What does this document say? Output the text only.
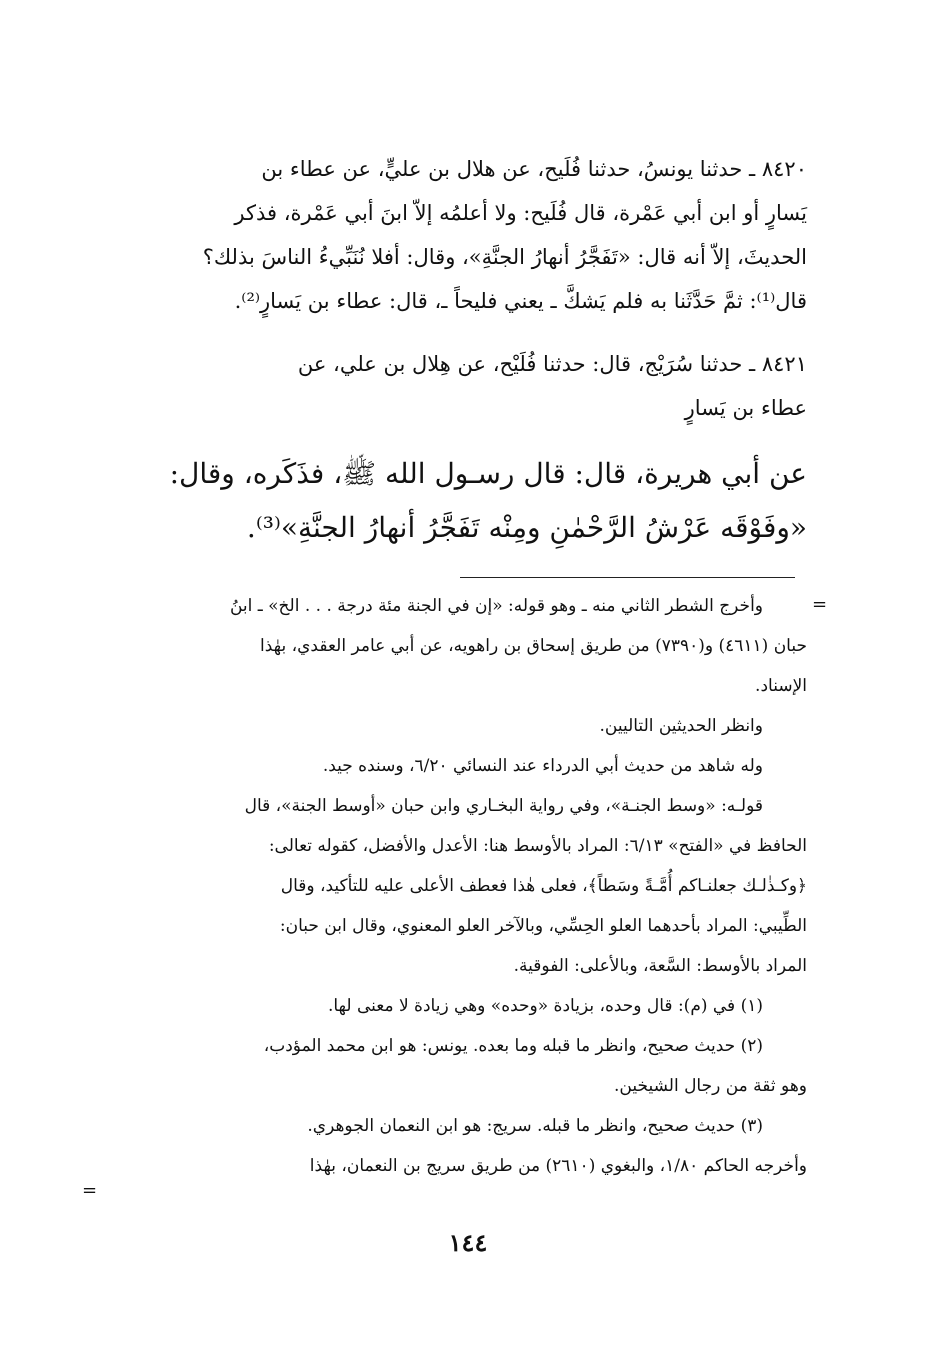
٨٤٢٠ ـ حدثنا يونسُ، حدثنا فُلَيح، عن هلال بن عليٍّ، عن عطاء بن

يَسارٍ أو ابن أبي عَمْرة، قال فُلَيح: ولا أعلمُه إلاّ ابنَ أبي عَمْرة، فذكر

الحديثَ، إلاّ أنه قال: «تَفَجَّرُ أنهارُ الجنَّةِ»، وقال: أفلا نُنَبِّيءُ الناسَ بذلك؟

قال⁽¹⁾: ثمَّ حَدَّثَنا به فلم يَشكَّ ـ يعني فليحاً ـ، قال: عطاء بن يَسارٍ⁽²⁾.

٨٤٢١ ـ حدثنا سُرَيْج، قال: حدثنا فُلَيْح، عن هِلال بن علي، عن

عطاء بن يَسارٍ

عن أبي هريرة، قال: قال رسـول الله ﷺ، فذَكَره، وقال:

«وفَوْقَه عَرْشُ الرَّحْمٰنِ ومِنْه تَفَجَّرُ أنهارُ الجنَّةِ»⁽³⁾.

=

وأخرج الشطر الثاني منه ـ وهو قوله: «إن في الجنة مئة درجة . . . الخ» ـ ابنُ

حبان (٤٦١١) و(٧٣٩٠) من طريق إسحاق بن راهويه، عن أبي عامر العقدي، بهٰذا

الإسناد.

وانظر الحديثين التاليين.

وله شاهد من حديث أبي الدرداء عند النسائي ٦/٢٠، وسنده جيد.

قولـه: «وسط الجنـة»، وفي رواية البخـاري وابن حبان «أوسط الجنة»، قال

الحافظ في «الفتح» ٦/١٣: المراد بالأوسط هنا: الأعدل والأفضل، كقوله تعالى:

﴿وكـذٰلـك جعلنـاكم أُمَّـةً وسَطاً﴾، فعلى هٰذا فعطف الأعلى عليه للتأكيد، وقال

الطِّيبي: المراد بأحدهما العلو الحِسِّي، وبالآخر العلو المعنوي، وقال ابن حبان:

المراد بالأوسط: السَّعة، وبالأعلى: الفوقية.

(١) في (م): قال وحده، بزيادة «وحده» وهي زيادة لا معنى لها.

(٢) حديث صحيح، وانظر ما قبله وما بعده. يونس: هو ابن محمد المؤدب،

وهو ثقة من رجال الشيخين.

(٣) حديث صحيح، وانظر ما قبله. سريج: هو ابن النعمان الجوهري.

وأخرجه الحاكم ١/٨٠، والبغوي (٢٦١٠) من طريق سريج بن النعمان، بهٰذا

=
١٤٤
